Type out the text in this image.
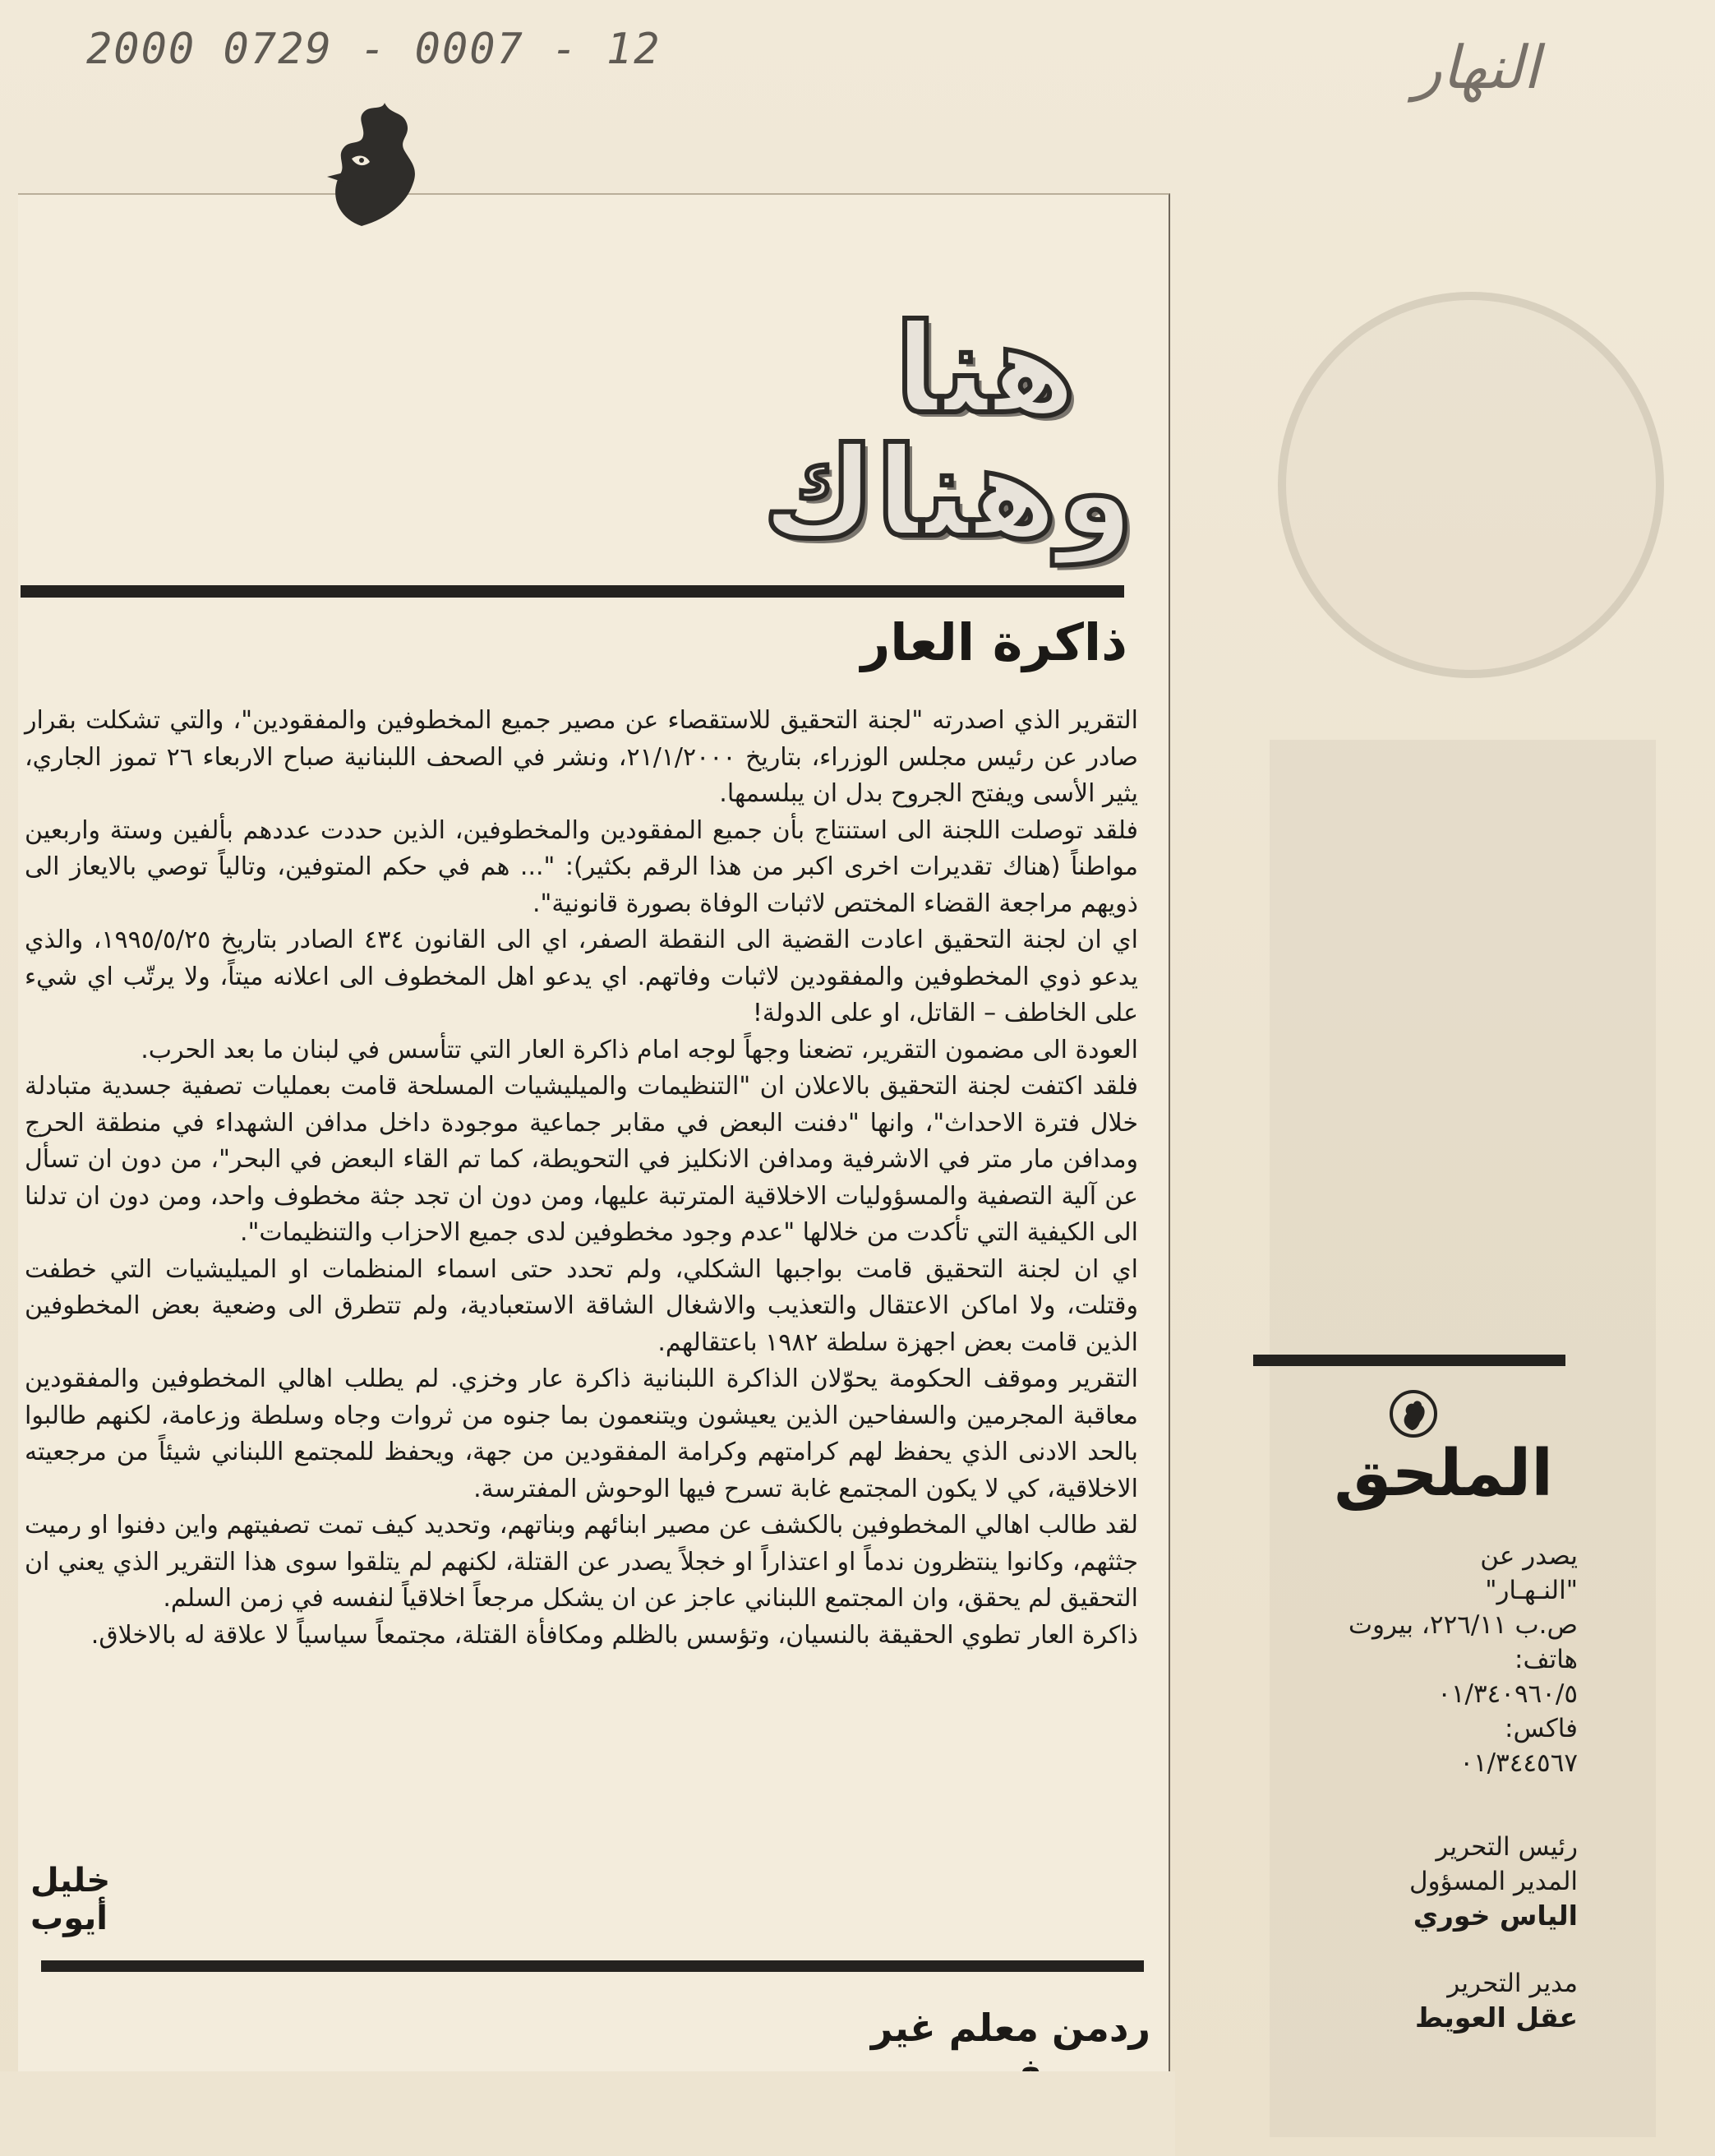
2000 0729 - 0007 - 12	النهار
هنا
وهناك
ذاكرة العار

التقرير الذي اصدرته "لجنة التحقيق للاستقصاء عن مصير جميع المخطوفين والمفقودين"، والتي تشكلت بقرار صادر عن رئيس مجلس الوزراء، بتاريخ ٢١/١/٢٠٠٠، ونشر في الصحف اللبنانية صباح الاربعاء ٢٦ تموز الجاري، يثير الأسى ويفتح الجروح بدل ان يبلسمها.

فلقد توصلت اللجنة الى استنتاج بأن جميع المفقودين والمخطوفين، الذين حددت عددهم بألفين وستة واربعين مواطناً (هناك تقديرات اخرى اكبر من هذا الرقم بكثير): "... هم في حكم المتوفين، وتالياً توصي بالايعاز الى ذويهم مراجعة القضاء المختص لاثبات الوفاة بصورة قانونية".

اي ان لجنة التحقيق اعادت القضية الى النقطة الصفر، اي الى القانون ٤٣٤ الصادر بتاريخ ١٩٩٥/٥/٢٥، والذي يدعو ذوي المخطوفين والمفقودين لاثبات وفاتهم. اي يدعو اهل المخطوف الى اعلانه ميتاً، ولا يرتّب اي شيء على الخاطف – القاتل، او على الدولة!

العودة الى مضمون التقرير، تضعنا وجهاً لوجه امام ذاكرة العار التي تتأسس في لبنان ما بعد الحرب.

فلقد اكتفت لجنة التحقيق بالاعلان ان "التنظيمات والميليشيات المسلحة قامت بعمليات تصفية جسدية متبادلة خلال فترة الاحداث"، وانها "دفنت البعض في مقابر جماعية موجودة داخل مدافن الشهداء في منطقة الحرج ومدافن مار متر في الاشرفية ومدافن الانكليز في التحويطة، كما تم القاء البعض في البحر"، من دون ان تسأل عن آلية التصفية والمسؤوليات الاخلاقية المترتبة عليها، ومن دون ان تجد جثة مخطوف واحد، ومن دون ان تدلنا الى الكيفية التي تأكدت من خلالها "عدم وجود مخطوفين لدى جميع الاحزاب والتنظيمات".

اي ان لجنة التحقيق قامت بواجبها الشكلي، ولم تحدد حتى اسماء المنظمات او الميليشيات التي خطفت وقتلت، ولا اماكن الاعتقال والتعذيب والاشغال الشاقة الاستعبادية، ولم تتطرق الى وضعية بعض المخطوفين الذين قامت بعض اجهزة سلطة ١٩٨٢ باعتقالهم.

التقرير وموقف الحكومة يحوّلان الذاكرة اللبنانية ذاكرة عار وخزي. لم يطلب اهالي المخطوفين والمفقودين معاقبة المجرمين والسفاحين الذين يعيشون ويتنعمون بما جنوه من ثروات وجاه وسلطة وزعامة، لكنهم طالبوا بالحد الادنى الذي يحفظ لهم كرامتهم وكرامة المفقودين من جهة، ويحفظ للمجتمع اللبناني شيئاً من مرجعيته الاخلاقية، كي لا يكون المجتمع غابة تسرح فيها الوحوش المفترسة.

لقد طالب اهالي المخطوفين بالكشف عن مصير ابنائهم وبناتهم، وتحديد كيف تمت تصفيتهم واين دفنوا او رميت جثثهم، وكانوا ينتظرون ندماً او اعتذاراً او خجلاً يصدر عن القتلة، لكنهم لم يتلقوا سوى هذا التقرير الذي يعني ان التحقيق لم يحقق، وان المجتمع اللبناني عاجز عن ان يشكل مرجعاً اخلاقياً لنفسه في زمن السلم.

ذاكرة العار تطوي الحقيقة بالنسيان، وتؤسس بالظلم ومكافأة القتلة، مجتمعاً سياسياً لا علاقة له بالاخلاق.

خليل أيوب
ردمن معلم غير
الملحق
يصدر عن
"النـهـار"
ص.ب ٢٢٦/١١، بيروت
هاتف:
٠١/٣٤٠٩٦٠/٥
فاكس:
٠١/٣٤٤٥٦٧
رئيس التحرير
المدير المسؤول
الياس خوري
مدير التحرير
عقل العويط
